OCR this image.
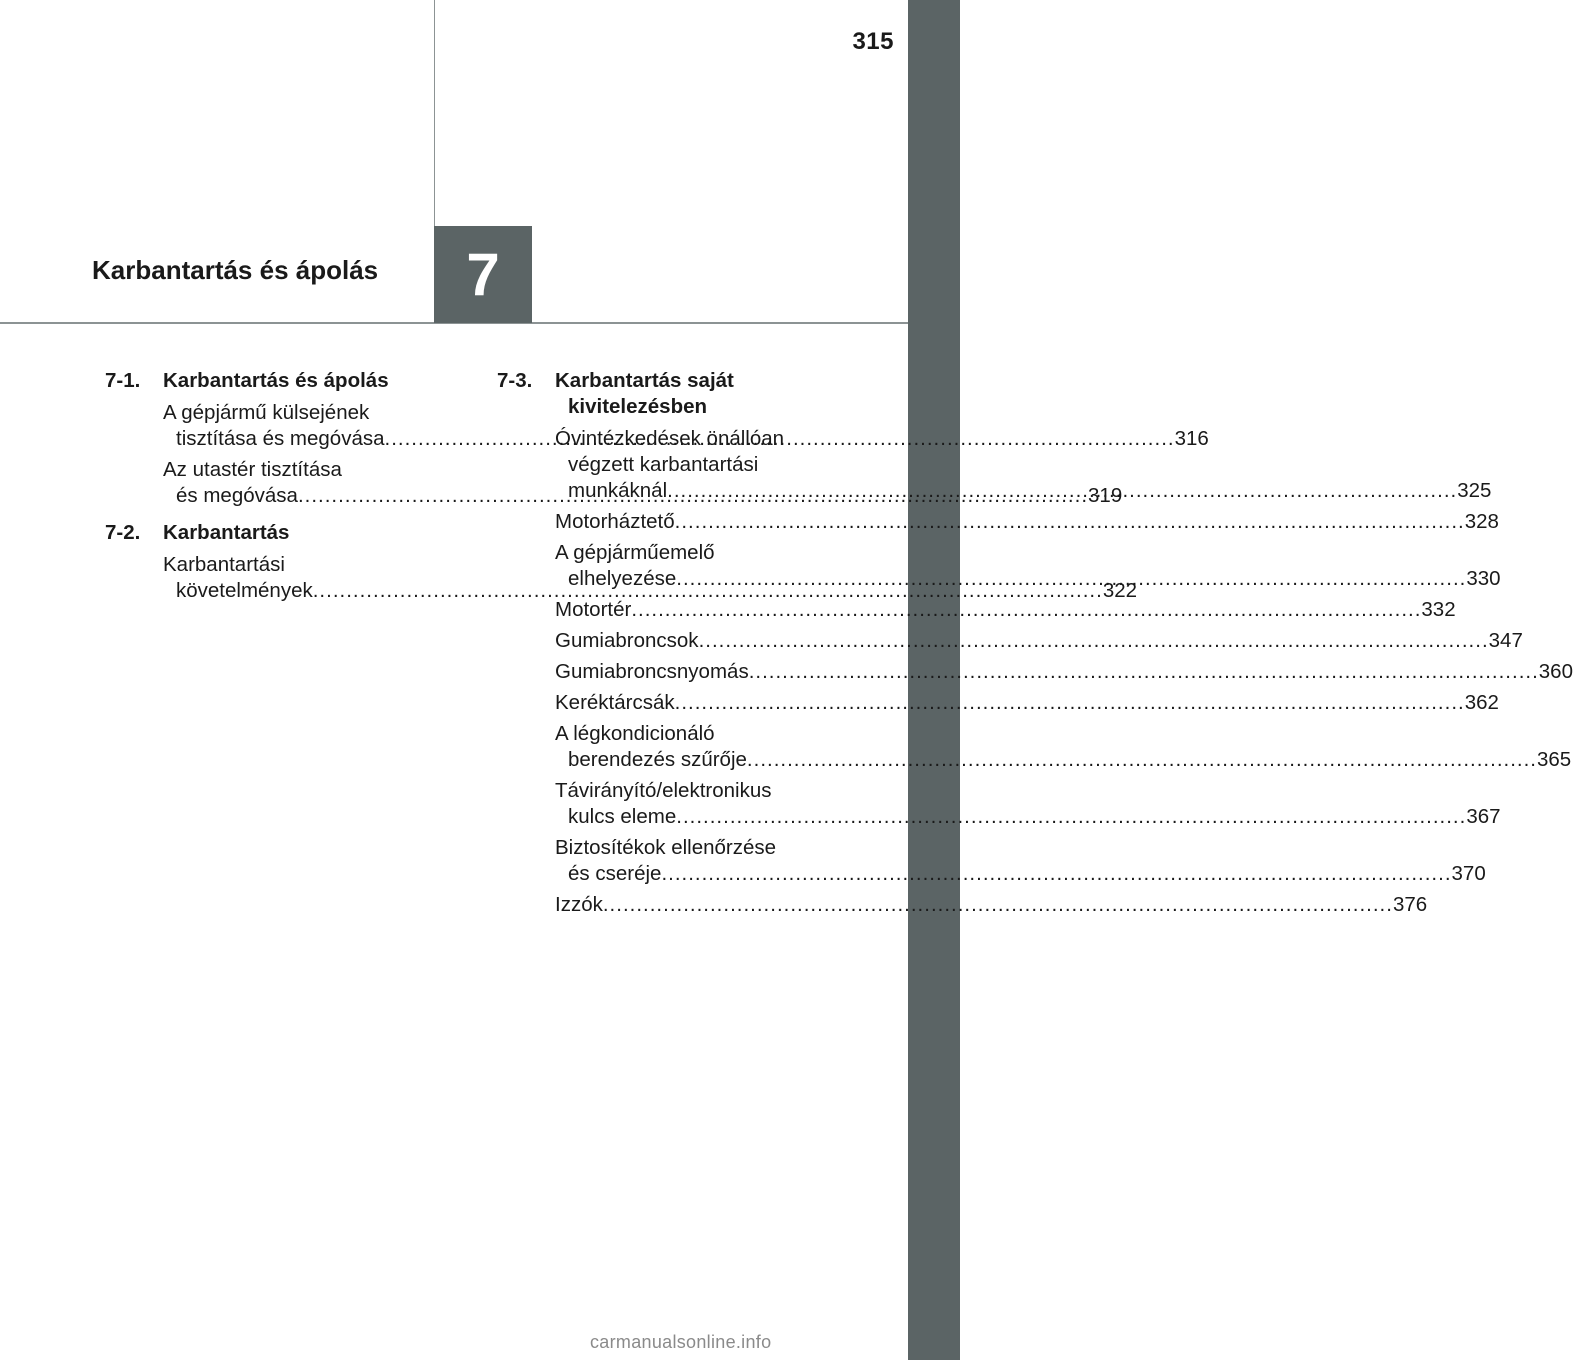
315
Karbantartás és ápolás	7
7-1.	Karbantartás és ápolás
A gépjármű külsejének
tisztítása és megóvása .....	316
Az utastér tisztítása
és megóvása .....	319
7-2.	Karbantartás
Karbantartási
követelmények .....	322
7-3.	Karbantartás saját
kivitelezésben
Óvintézkedések önállóan
végzett karbantartási
munkáknál .....	325
Motorháztető .....	328
A gépjárműemelő
elhelyezése .....	330
Motortér .....	332
Gumiabroncsok .....	347
Gumiabroncsnyomás .....	360
Keréktárcsák .....	362
A légkondicionáló
berendezés szűrője .....	365
Távirányító/elektronikus
kulcs eleme .....	367
Biztosítékok ellenőrzése
és cseréje .....	370
Izzók .....	376
carmanualsonline.info
